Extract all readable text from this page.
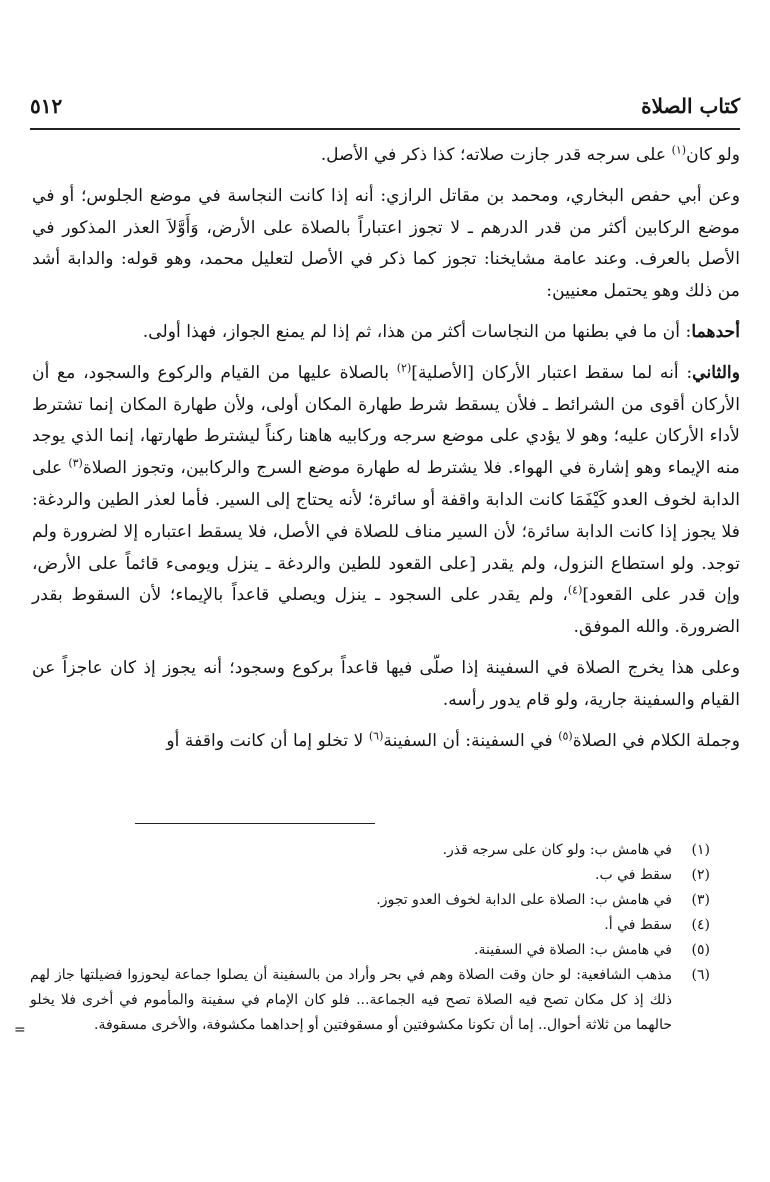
كتاب الصلاة
٥١٢

ولو كان$^{(١)}$ على سرجه قدر جازت صلاته؛ كذا ذكر في الأصل.

وعن أبي حفص البخاري، ومحمد بن مقاتل الرازي: أنه إذا كانت النجاسة في موضع الجلوس؛ أو في موضع الركابين أكثر من قدر الدرهم ـ لا تجوز اعتباراً بالصلاة على الأرض، وَأَوَّلاَ العذر المذكور في الأصل بالعرف. وعند عامة مشايخنا: تجوز كما ذكر في الأصل لتعليل محمد، وهو قوله: والدابة أشد من ذلك وهو يحتمل معنيين:

أحدهما: أن ما في بطنها من النجاسات أكثر من هذا، ثم إذا لم يمنع الجواز، فهذا أولى.

والثاني: أنه لما سقط اعتبار الأركان [الأصلية]$^{(٢)}$ بالصلاة عليها من القيام والركوع والسجود، مع أن الأركان أقوى من الشرائط ـ فلأن يسقط شرط طهارة المكان أولى، ولأن طهارة المكان إنما تشترط لأداء الأركان عليه؛ وهو لا يؤدي على موضع سرجه وركابيه هاهنا ركناً ليشترط طهارتها، إنما الذي يوجد منه الإيماء وهو إشارة في الهواء. فلا يشترط له طهارة موضع السرج والركابين، وتجوز الصلاة$^{(٣)}$ على الدابة لخوف العدو كَيْفَمَا كانت الدابة واقفة أو سائرة؛ لأنه يحتاج إلى السير. فأما لعذر الطين والردغة: فلا يجوز إذا كانت الدابة سائرة؛ لأن السير مناف للصلاة في الأصل، فلا يسقط اعتباره إلا لضرورة ولم توجد. ولو استطاع النزول، ولم يقدر [على القعود للطين والردغة ـ ينزل ويومىء قائماً على الأرض، وإن قدر على القعود]$^{(٤)}$، ولم يقدر على السجود ـ ينزل ويصلي قاعداً بالإيماء؛ لأن السقوط بقدر الضرورة. والله الموفق.

وعلى هذا يخرج الصلاة في السفينة إذا صلّى فيها قاعداً بركوع وسجود؛ أنه يجوز إذ كان عاجزاً عن القيام والسفينة جارية، ولو قام يدور رأسه.

وجملة الكلام في الصلاة$^{(٥)}$ في السفينة: أن السفينة$^{(٦)}$ لا تخلو إما أن كانت واقفة أو

(١)
في هامش ب: ولو كان على سرجه قذر.
(٢)
سقط في ب.
(٣)
في هامش ب: الصلاة على الدابة لخوف العدو تجوز.
(٤)
سقط في أ.
(٥)
في هامش ب: الصلاة في السفينة.
(٦)
مذهب الشافعية: لو حان وقت الصلاة وهم في بحر وأراد من بالسفينة أن يصلوا جماعة ليحوزوا فضيلتها جاز لهم ذلك إذ كل مكان تصح فيه الصلاة تصح فيه الجماعة... فلو كان الإمام في سفينة والمأموم في أخرى فلا يخلو حالهما من ثلاثة أحوال.. إما أن تكونا مكشوفتين أو مسقوفتين أو إحداهما مكشوفة، والأخرى مسقوفة.
=
